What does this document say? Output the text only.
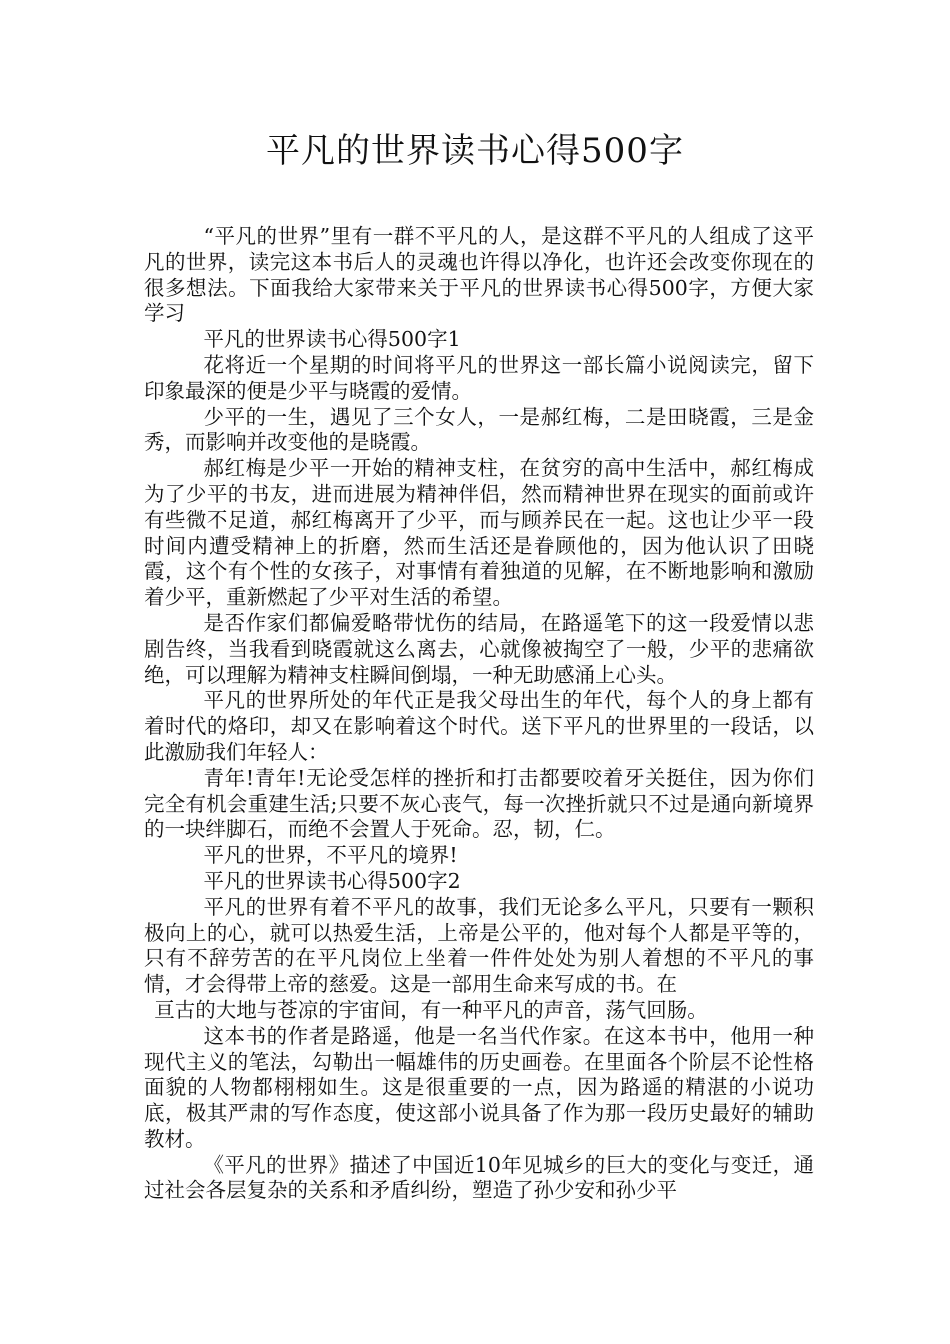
平凡的世界读书心得500字

“平凡的世界”里有一群不平凡的人，是这群不平凡的人组成了这平凡的世界，读完这本书后人的灵魂也许得以净化，也许还会改变你现在的很多想法。下面我给大家带来关于平凡的世界读书心得500字，方便大家学习

平凡的世界读书心得500字1

花将近一个星期的时间将平凡的世界这一部长篇小说阅读完，留下印象最深的便是少平与晓霞的爱情。

少平的一生，遇见了三个女人，一是郝红梅，二是田晓霞，三是金秀，而影响并改变他的是晓霞。

郝红梅是少平一开始的精神支柱，在贫穷的高中生活中，郝红梅成为了少平的书友，进而进展为精神伴侣，然而精神世界在现实的面前或许有些微不足道，郝红梅离开了少平，而与顾养民在一起。这也让少平一段时间内遭受精神上的折磨，然而生活还是眷顾他的，因为他认识了田晓霞，这个有个性的女孩子，对事情有着独道的见解，在不断地影响和激励着少平，重新燃起了少平对生活的希望。

是否作家们都偏爱略带忧伤的结局，在路遥笔下的这一段爱情以悲剧告终，当我看到晓霞就这么离去，心就像被掏空了一般，少平的悲痛欲绝，可以理解为精神支柱瞬间倒塌，一种无助感涌上心头。

平凡的世界所处的年代正是我父母出生的年代，每个人的身上都有着时代的烙印，却又在影响着这个时代。送下平凡的世界里的一段话，以此激励我们年轻人：

青年!青年!无论受怎样的挫折和打击都要咬着牙关挺住，因为你们完全有机会重建生活;只要不灰心丧气，每一次挫折就只不过是通向新境界的一块绊脚石，而绝不会置人于死命。忍，韧，仁。

平凡的世界，不平凡的境界!

平凡的世界读书心得500字2

平凡的世界有着不平凡的故事，我们无论多么平凡，只要有一颗积极向上的心，就可以热爱生活，上帝是公平的，他对每个人都是平等的，只有不辞劳苦的在平凡岗位上坐着一件件处处为别人着想的不平凡的事情，才会得带上帝的慈爱。这是一部用生命来写成的书。在

亘古的大地与苍凉的宇宙间，有一种平凡的声音，荡气回肠。

这本书的作者是路遥，他是一名当代作家。在这本书中，他用一种现代主义的笔法，勾勒出一幅雄伟的历史画卷。在里面各个阶层不论性格面貌的人物都栩栩如生。这是很重要的一点，因为路遥的精湛的小说功底，极其严肃的写作态度，使这部小说具备了作为那一段历史最好的辅助教材。

《平凡的世界》描述了中国近10年见城乡的巨大的变化与变迁，通过社会各层复杂的关系和矛盾纠纷，塑造了孙少安和孙少平
